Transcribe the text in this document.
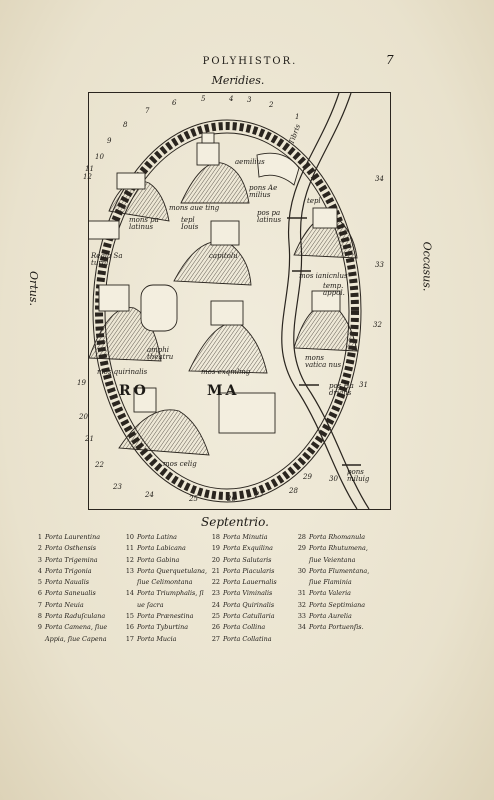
POLYHISTOR.	7
Meridies.
Septentrio.
Ortus.	Occasus.
Tibris
aemilius
pons Ae milius
mons pa latinus
mons aue ting
tepl Iouis
capitolu
pos pa latinus
Regia Sa turni
tepl
mos ianicnlus
temp. appol.
amphi theatru
mos quirinalis	mos exqmlmg
mons vatica nus
pos Ha drians
mos celig
pons miluig
RO	MA
1
2
3
4
5
6
7
8
9
10
11
12
19
20
21
22
23
24	25	26	27	28
29 30
31
32
33
34
1 Porta Laurentina
2 Porta Osthensis
3 Porta Trigemina
4 Porta Trigonia
5 Porta Naualis
6 Porta Saneualis
7 Porta Neuia
8 Porta Raduſculana
9 Porta Camena, ſiue
Appia, ſiue Capena
10 Porta Latina
11 Porta Labicana
12 Porta Gabina
13 Porta Querquetulana,
ſiue Celimontana
14 Porta Triumphalis, ſi
ue ſacra
15 Porta Prænestina
16 Porta Tyburtina
17 Porta Mucia
18 Porta Minutia
19 Porta Exquilina
20 Porta Salutaris
21 Porta Piacularis
22 Porta Lauernalis
23 Porta Viminalis
24 Porta Quirinalis
25 Porta Catullaria
26 Porta Collina
27 Porta Collatina
28 Porta Rhomanula
29 Porta Rhutumena,
ſiue Veientana
30 Porta Flumentana,
ſiue Flaminia
31 Porta Valeria
32 Porta Septimiana
33 Porta Aurelia
34 Porta Portuenſis.
